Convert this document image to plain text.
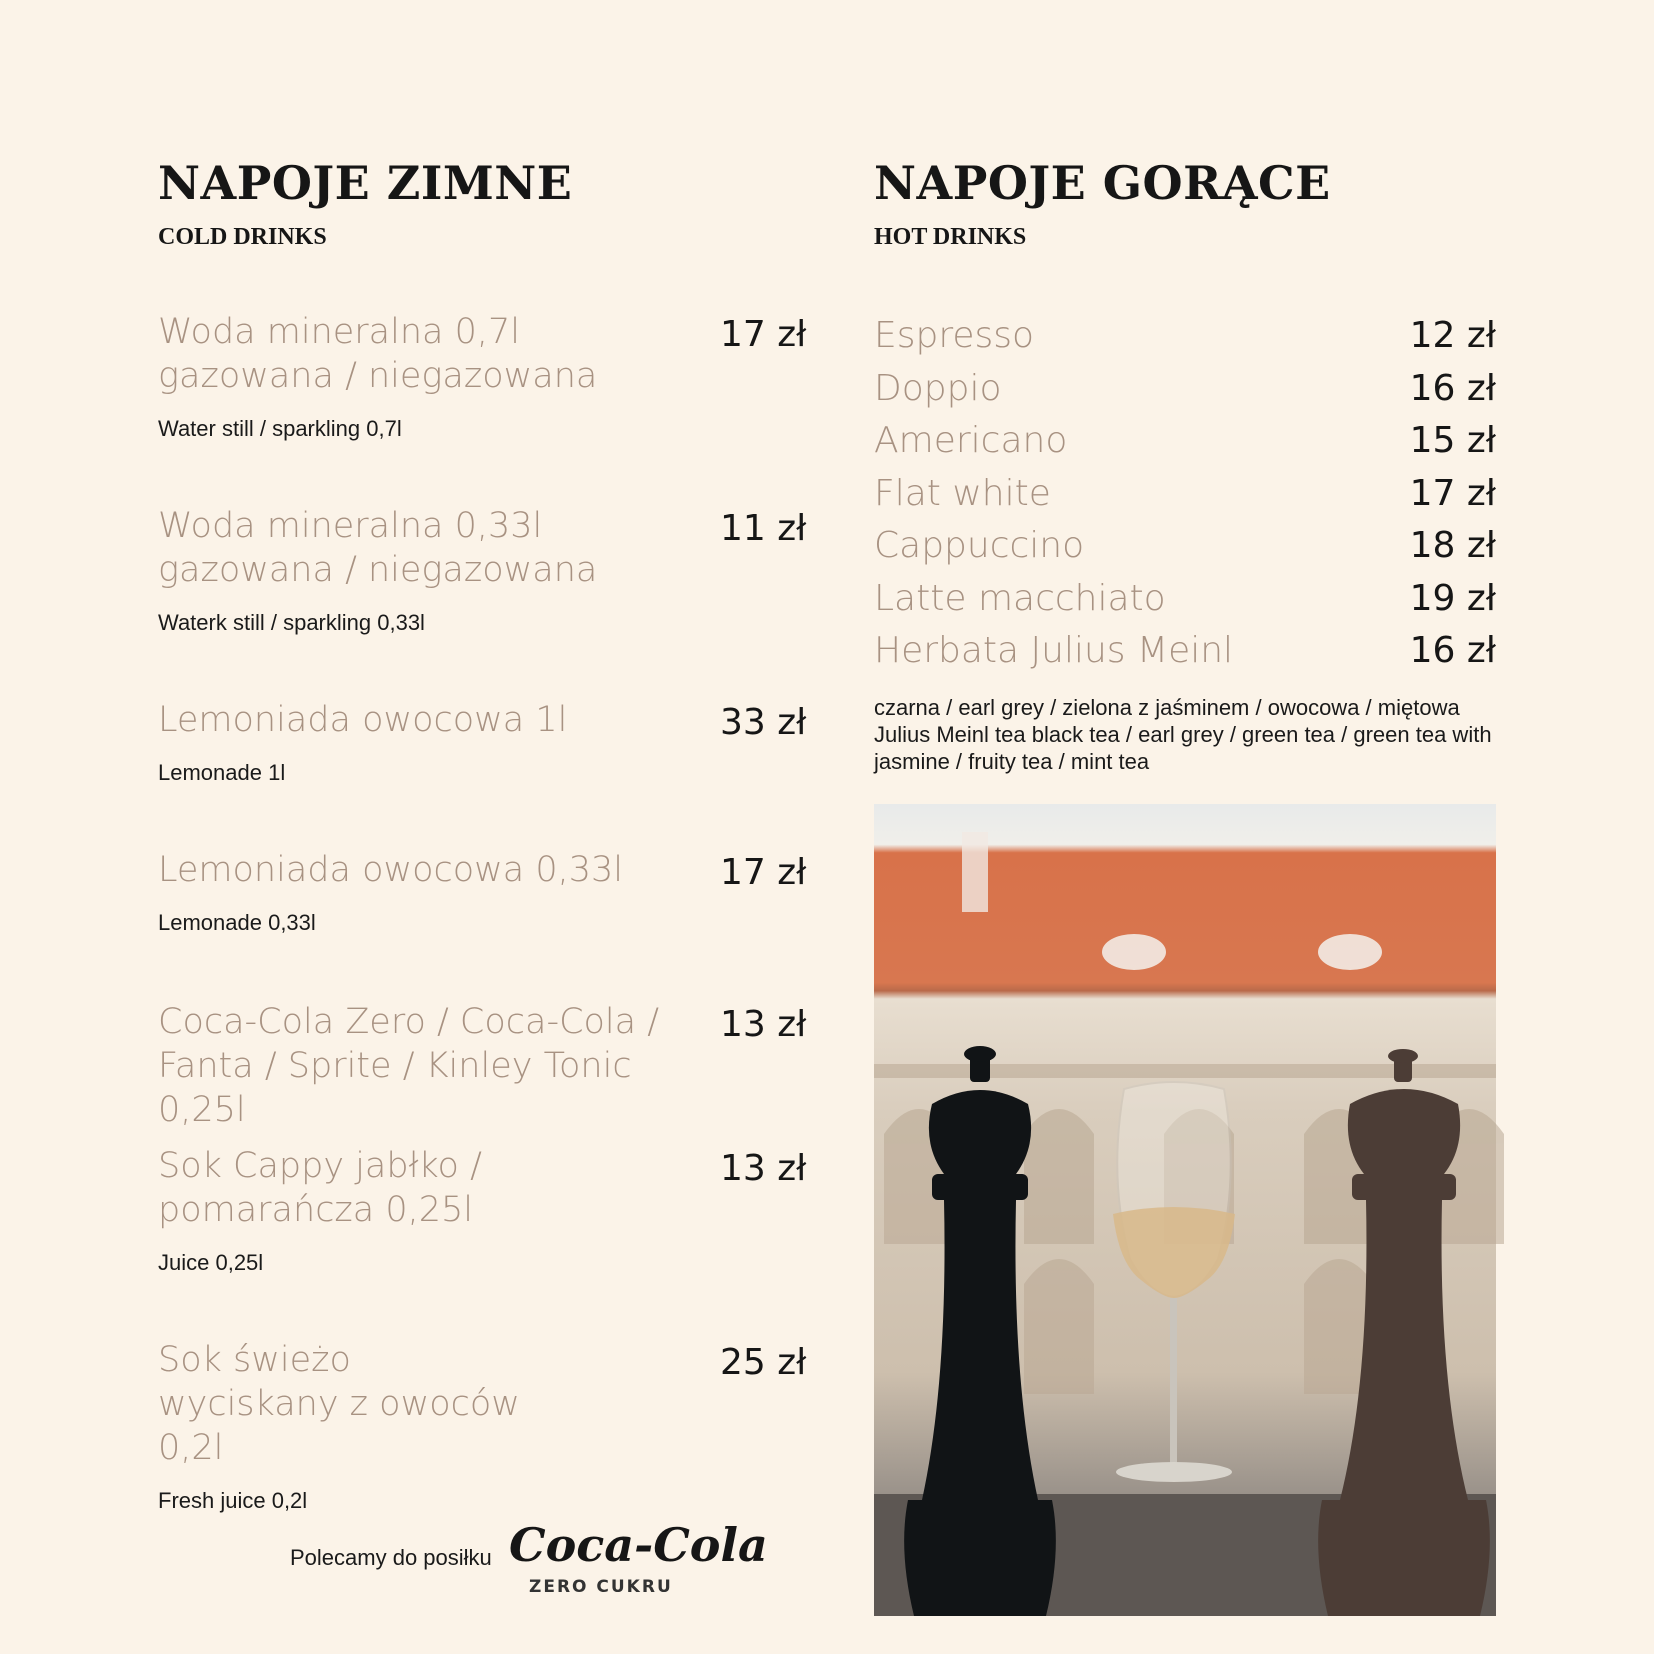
NAPOJE ZIMNE
COLD DRINKS
Woda mineralna 0,7l gazowana / niegazowana
Water still / sparkling 0,7l
17 zł
Woda mineralna 0,33l gazowana / niegazowana
Waterk still / sparkling 0,33l
11 zł
Lemoniada owocowa 1l
Lemonade 1l
33 zł
Lemoniada owocowa 0,33l
Lemonade 0,33l
17 zł
Coca-Cola Zero / Coca-Cola / Fanta / Sprite / Kinley Tonic 0,25l
13 zł
Sok Cappy jabłko / pomarańcza 0,25l
Juice 0,25l
13 zł
Sok świeżo wyciskany z owoców 0,2l
Fresh juice 0,2l
25 zł
Polecamy do posiłku Coca-Cola
ZERO CUKRU
NAPOJE GORĄCE
HOT DRINKS
Espresso	12 zł
Doppio	16 zł
Americano	15 zł
Flat white	17 zł
Cappuccino	18 zł
Latte macchiato	19 zł
Herbata Julius Meinl	16 zł
czarna / earl grey / zielona z jaśminem / owocowa / miętowa
Julius Meinl tea black tea / earl grey / green tea / green tea with jasmine / fruity tea / mint tea
